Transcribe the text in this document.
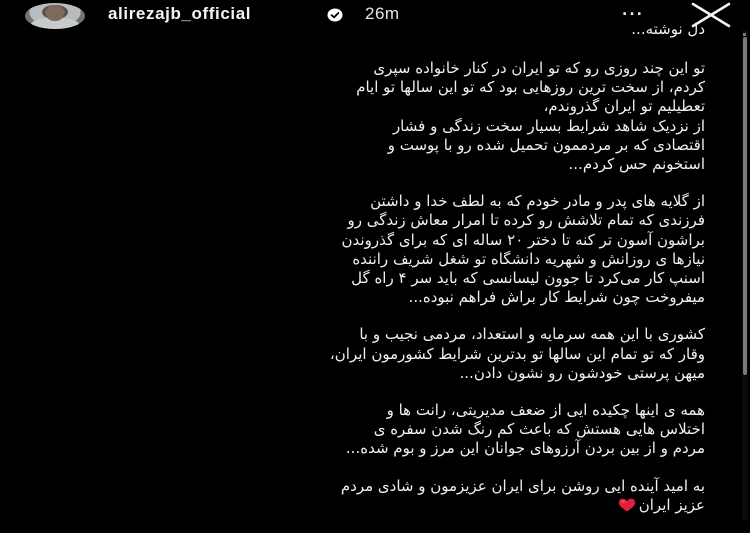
alirezajb_official	26m	...
دل نوشته...
تو این چند روزی رو که تو ایران در کنار خانواده سپری
کردم، از سخت ترین روزهایی بود که تو این سالها تو ایام
تعطیلیم تو ایران گذروندم،
از نزدیک شاهد شرایط بسیار سخت زندگی و فشار
اقتصادی که بر مردممون تحمیل شده رو با پوست و
استخونم حس کردم...
از گلایه های پدر و مادر خودم که به لطف خدا و داشتن
فرزندی که تمام تلاشش رو کرده تا امرار معاش زندگی رو
براشون آسون تر کنه تا دختر ۲۰ ساله ای که برای گذروندن
نیازها ی روزانش و شهریه دانشگاه تو شغل شریف راننده
اسنپ کار می‌کرد تا جوون لیسانسی که باید سر ۴ راه گل
میفروخت چون شرایط کار براش فراهم نبوده...
کشوری با این همه سرمایه و استعداد، مردمی نجیب و با
وقار که تو تمام این سالها تو بدترین شرایط کشورمون ایران،
میهن پرستی خودشون رو نشون دادن...
همه ی اینها چکیده ایی از ضعف مدیریتی، رانت ها و
اختلاس هایی هستش که باعث کم رنگ شدن سفره ی
مردم و از بین بردن آرزوهای جوانان این مرز و بوم شده...
به امید آینده ایی روشن برای ایران عزیزمون و شادی مردم
عزیز ایران
